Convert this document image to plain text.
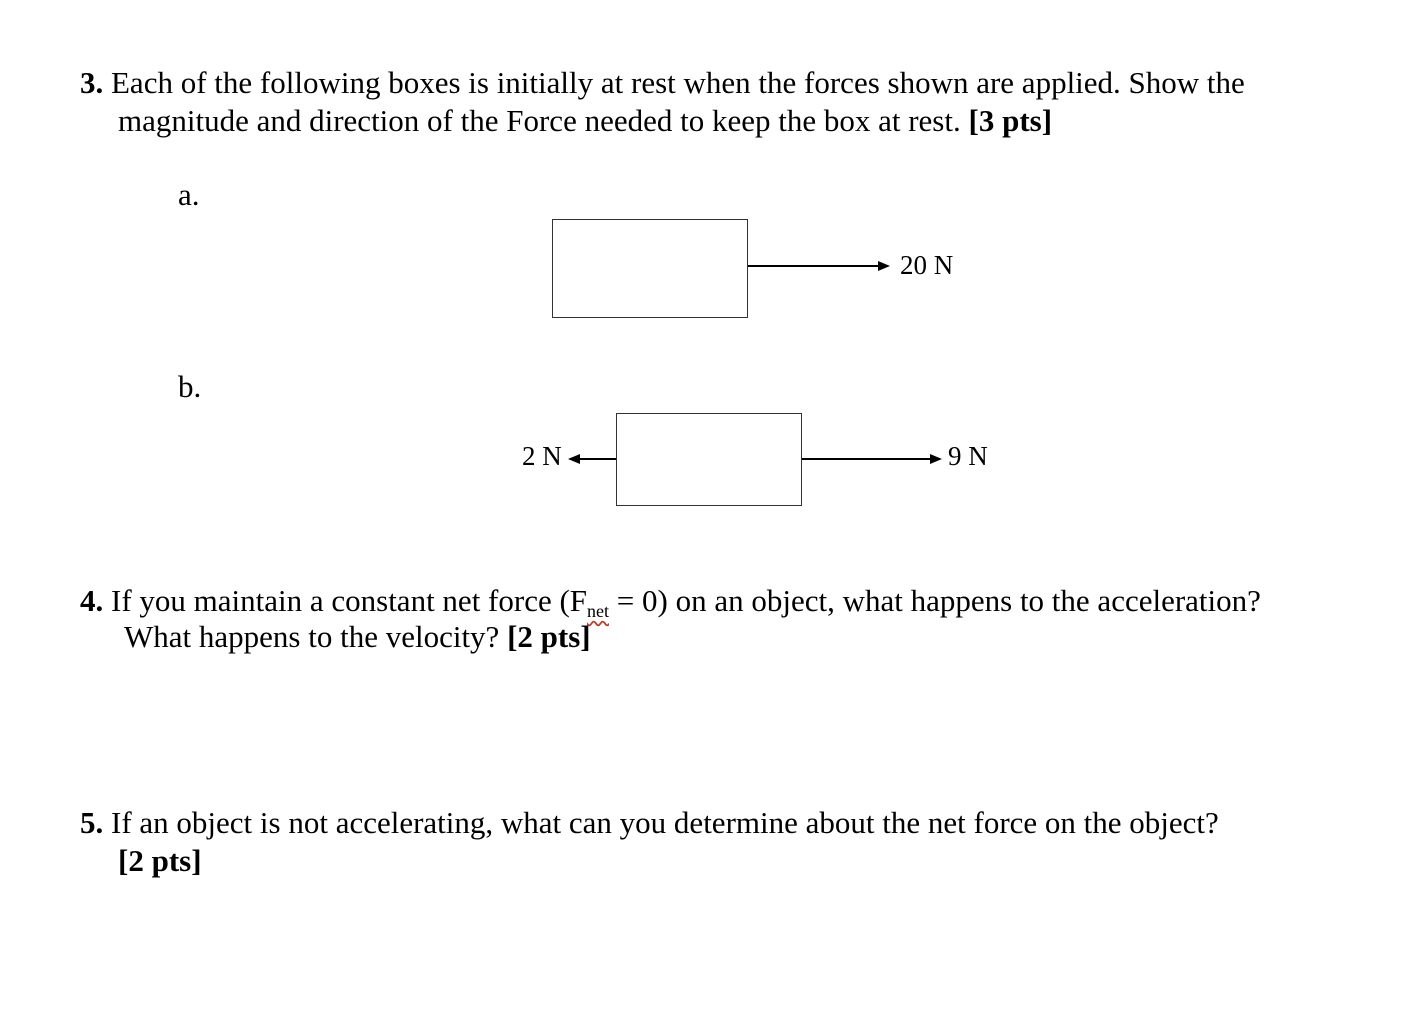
3. Each of the following boxes is initially at rest when the forces shown are applied. Show the
magnitude and direction of the Force needed to keep the box at rest. [3 pts]
a.
20 N
b.
2 N	9 N
4. If you maintain a constant net force (Fnet = 0) on an object, what happens to the acceleration?
What happens to the velocity? [2 pts]
5. If an object is not accelerating, what can you determine about the net force on the object?
[2 pts]
